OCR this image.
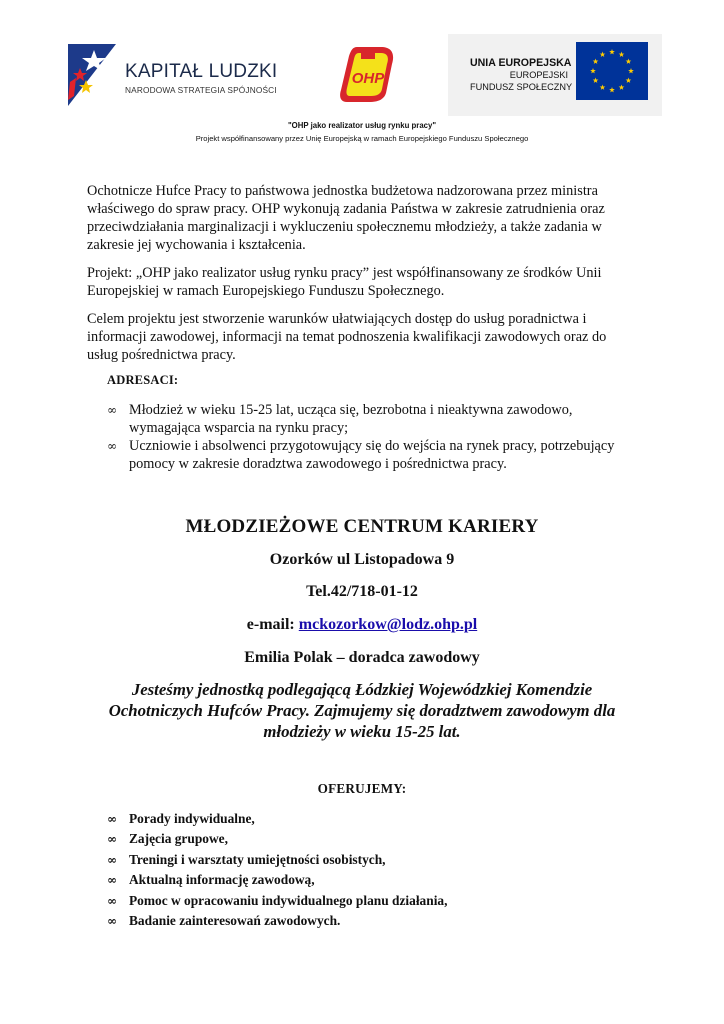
KAPITAŁ LUDZKI
NARODOWA STRATEGIA SPÓJNOŚCI
OHP
UNIA EUROPEJSKA
EUROPEJSKI
FUNDUSZ SPOŁECZNY
"OHP jako realizator usług rynku pracy"
Projekt współfinansowany przez Unię Europejską w ramach Europejskiego Funduszu Społecznego
Ochotnicze Hufce Pracy to państwowa jednostka budżetowa nadzorowana przez ministra właściwego do spraw pracy. OHP wykonują zadania Państwa w zakresie zatrudnienia oraz przeciwdziałania marginalizacji i wykluczeniu społecznemu młodzieży, a także zadania w zakresie jej wychowania i kształcenia.
Projekt: „OHP jako realizator usług rynku pracy” jest współfinansowany ze środków Unii Europejskiej w ramach Europejskiego Funduszu Społecznego.
Celem projektu jest stworzenie warunków ułatwiających dostęp do usług poradnictwa i informacji zawodowej, informacji na temat podnoszenia kwalifikacji zawodowych oraz do usług pośrednictwa pracy.
ADRESACI:
∞ Młodzież w wieku 15-25 lat, ucząca się, bezrobotna i nieaktywna zawodowo, wymagająca wsparcia na rynku pracy;
∞ Uczniowie i absolwenci przygotowujący się do wejścia na rynek pracy, potrzebujący pomocy w zakresie doradztwa zawodowego i pośrednictwa pracy.
MŁODZIEŻOWE CENTRUM KARIERY
Ozorków ul Listopadowa 9
Tel.42/718-01-12
e-mail: mckozorkow@lodz.ohp.pl
Emilia Polak – doradca zawodowy
Jesteśmy jednostką podlegającą Łódzkiej Wojewódzkiej Komendzie Ochotniczych Hufców Pracy. Zajmujemy się doradztwem zawodowym dla młodzieży w wieku 15-25 lat.
OFERUJEMY:
∞ Porady indywidualne,
∞ Zajęcia grupowe,
∞ Treningi i warsztaty umiejętności osobistych,
∞ Aktualną informację zawodową,
∞ Pomoc w opracowaniu indywidualnego planu działania,
∞ Badanie zainteresowań zawodowych.
